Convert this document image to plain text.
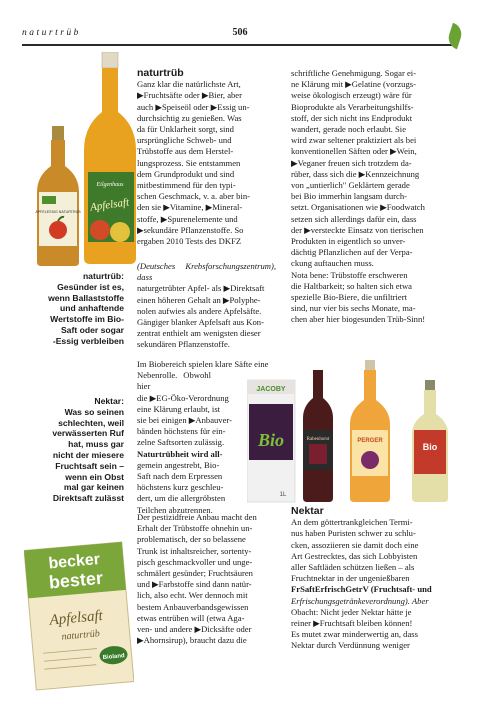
naturtrüb	506
APFELESSIG NATURTRÜB
Eilgenhaus
Apfelsaft
naturtrüb:
Gesünder ist es,
wenn Ballaststoffe
und anhaftende
Wertstoffe im Bio-
Saft oder sogar
-Essig verbleiben
Nektar:
Was so seinen
schlechten, weil
verwässerten Ruf
hat, muss gar
nicht der miesere
Fruchtsaft sein –
wenn ein Obst
mal gar keinen
Direktsaft zulässt
becker
bester
Apfelsaft
naturtrüb
Bioland
JACOBY
Bio
1L
Rabenhorst	PERGER
Bio
naturtrüb
Ganz klar die natürlichste Art,
▶Fruchtsäfte oder ▶Bier, aber
auch ▶Speiseöl oder ▶Essig un-
durchsichtig zu genießen. Was
da für Unklarheit sorgt, sind
ursprüngliche Schweb- und
Trübstoffe aus dem Herstel-
lungsprozess. Sie entstammen
dem Grundprodukt und sind
mitbestimmend für den typi-
schen Geschmack, v. a. aber bin-
den sie ▶Vitamine, ▶Mineral-
stoffe, ▶Spurenelemente und
▶sekundäre Pflanzenstoffe. So
ergaben 2010 Tests des DKFZ
(Deutsches Krebsforschungszentrum), dass
naturgetrübter Apfel- als ▶Direktsaft
einen höheren Gehalt an ▶Polyphe-
nolen aufwies als andere Apfelsäfte.
Gängiger blanker Apfelsaft aus Kon-
zentrat enthielt am wenigsten dieser
sekundären Pflanzenstoffe.
Im Biobereich spielen klare Säfte eine
Nebenrolle. Obwohl hier
die ▶EG-Öko-Verordnung
eine Klärung erlaubt, ist
sie bei einigen ▶Anbauver-
bänden höchstens für ein-
zelne Saftsorten zulässig.
Naturtrübheit wird all-
gemein angestrebt, Bio-
Saft nach dem Erpressen
höchstens kurz geschleu-
dert, um die allergröbsten
Teilchen abzutrennen.
Der pestizidfreie Anbau macht den
Erhalt der Trübstoffe ohnehin un-
problematisch, der so belassene
Trunk ist inhaltsreicher, sortenty-
pisch geschmackvoller und unge-
schmälert gesünder; Fruchtsäuren
und ▶Farbstoffe sind dann natür-
lich, also echt. Wer dennoch mit
bestem Anbauverbandsgewissen
etwas entrüben will (etwa Aga-
ven- und andere ▶Dicksäfte oder
▶Ahornsirup), braucht dazu die
schriftliche Genehmigung. Sogar ei-
ne Klärung mit ▶Gelatine (vorzugs-
weise ökologisch erzeugt) wäre für
Bioprodukte als Verarbeitungshilfs-
stoff, der sich nicht ins Endprodukt
wandert, gerade noch erlaubt. Sie
wird zwar seltener praktiziert als bei
konventionellen Säften oder ▶Wein,
▶Veganer freuen sich trotzdem da-
rüber, dass sich die ▶Kennzeichnung
von „untierlich" Geklärtem gerade
bei Bio immerhin langsam durch-
setzt. Organisationen wie ▶Foodwatch
setzen sich allerdings dafür ein, dass
der ▶versteckte Einsatz von tierischen
Produkten in eigentlich so unver-
dächtig Pflanzlichen auf der Verpa-
ckung auftauchen muss.
Nota bene: Trübstoffe erschweren
die Haltbarkeit; so halten sich etwa
spezielle Bio-Biere, die unfiltriert
sind, nur vier bis sechs Monate, ma-
chen aber hier biogesunden Trüb-Sinn!
Nektar
An dem göttertrankgleichen Termi-
nus haben Puristen schwer zu schlu-
cken, assoziieren sie damit doch eine
Art Gestrecktes, das sich Lobbyisten
aller Saftläden schützen ließen – als
Fruchtnektar in der ungenießbaren
FrSaftErfrischGetrV (Fruchtsaft- und
Erfrischungsgetränkeverordnung). Aber
Obacht: Nicht jeder Nektar hätte je
reiner ▶Fruchtsaft bleiben können!
Es mutet zwar minderwertig an, dass
Nektar durch Verdünnung weniger
